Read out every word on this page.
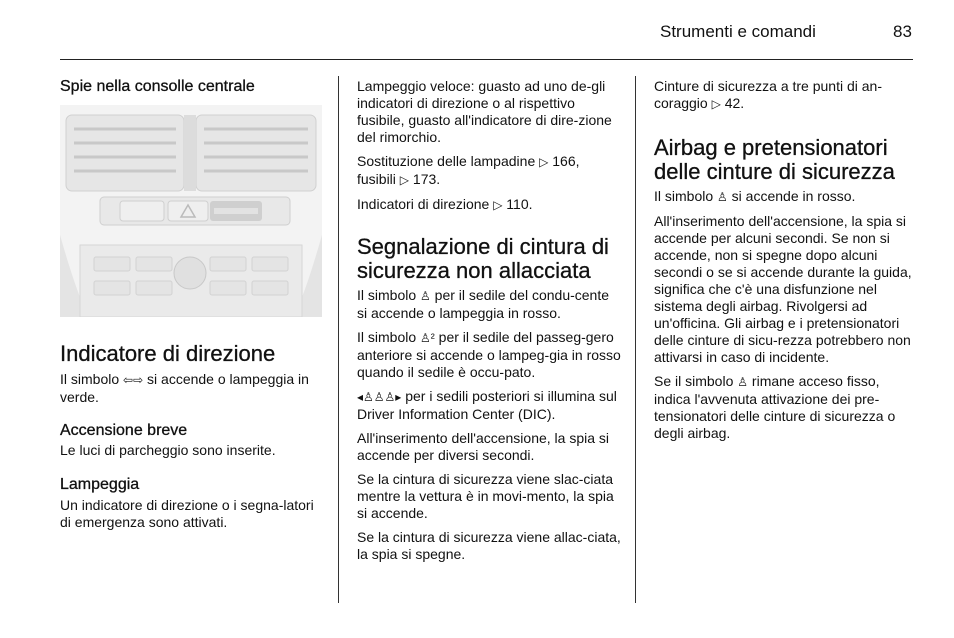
Strumenti e comandi	83
Spie nella consolle centrale
Indicatore di direzione

Il simbolo ⇦⇨ si accende o lampeggia in verde.

Accensione breve
Le luci di parcheggio sono inserite.
Lampeggia
Un indicatore di direzione o i segna-latori di emergenza sono attivati.

Lampeggio veloce: guasto ad uno de-gli indicatori di direzione o al rispettivo fusibile, guasto all'indicatore di dire-zione del rimorchio.

Sostituzione delle lampadine ▷ 166, fusibili ▷ 173.

Indicatori di direzione ▷ 110.

Segnalazione di cintura di sicurezza non allacciata

Il simbolo ♙ per il sedile del condu-cente si accende o lampeggia in rosso.

Il simbolo ♙² per il sedile del passeg-gero anteriore si accende o lampeg-gia in rosso quando il sedile è occu-pato.

◂♙♙♙▸ per i sedili posteriori si illumina sul Driver Information Center (DIC).

All'inserimento dell'accensione, la spia si accende per diversi secondi.

Se la cintura di sicurezza viene slac-ciata mentre la vettura è in movi-mento, la spia si accende.

Se la cintura di sicurezza viene allac-ciata, la spia si spegne.

Cinture di sicurezza a tre punti di an-coraggio ▷ 42.

Airbag e pretensionatori delle cinture di sicurezza

Il simbolo ♙ si accende in rosso.

All'inserimento dell'accensione, la spia si accende per alcuni secondi. Se non si accende, non si spegne dopo alcuni secondi o se si accende durante la guida, significa che c'è una disfunzione nel sistema degli airbag. Rivolgersi ad un'officina. Gli airbag e i pretensionatori delle cinture di sicu-rezza potrebbero non attivarsi in caso di incidente.

Se il simbolo ♙ rimane acceso fisso, indica l'avvenuta attivazione dei pre-tensionatori delle cinture di sicurezza o degli airbag.
